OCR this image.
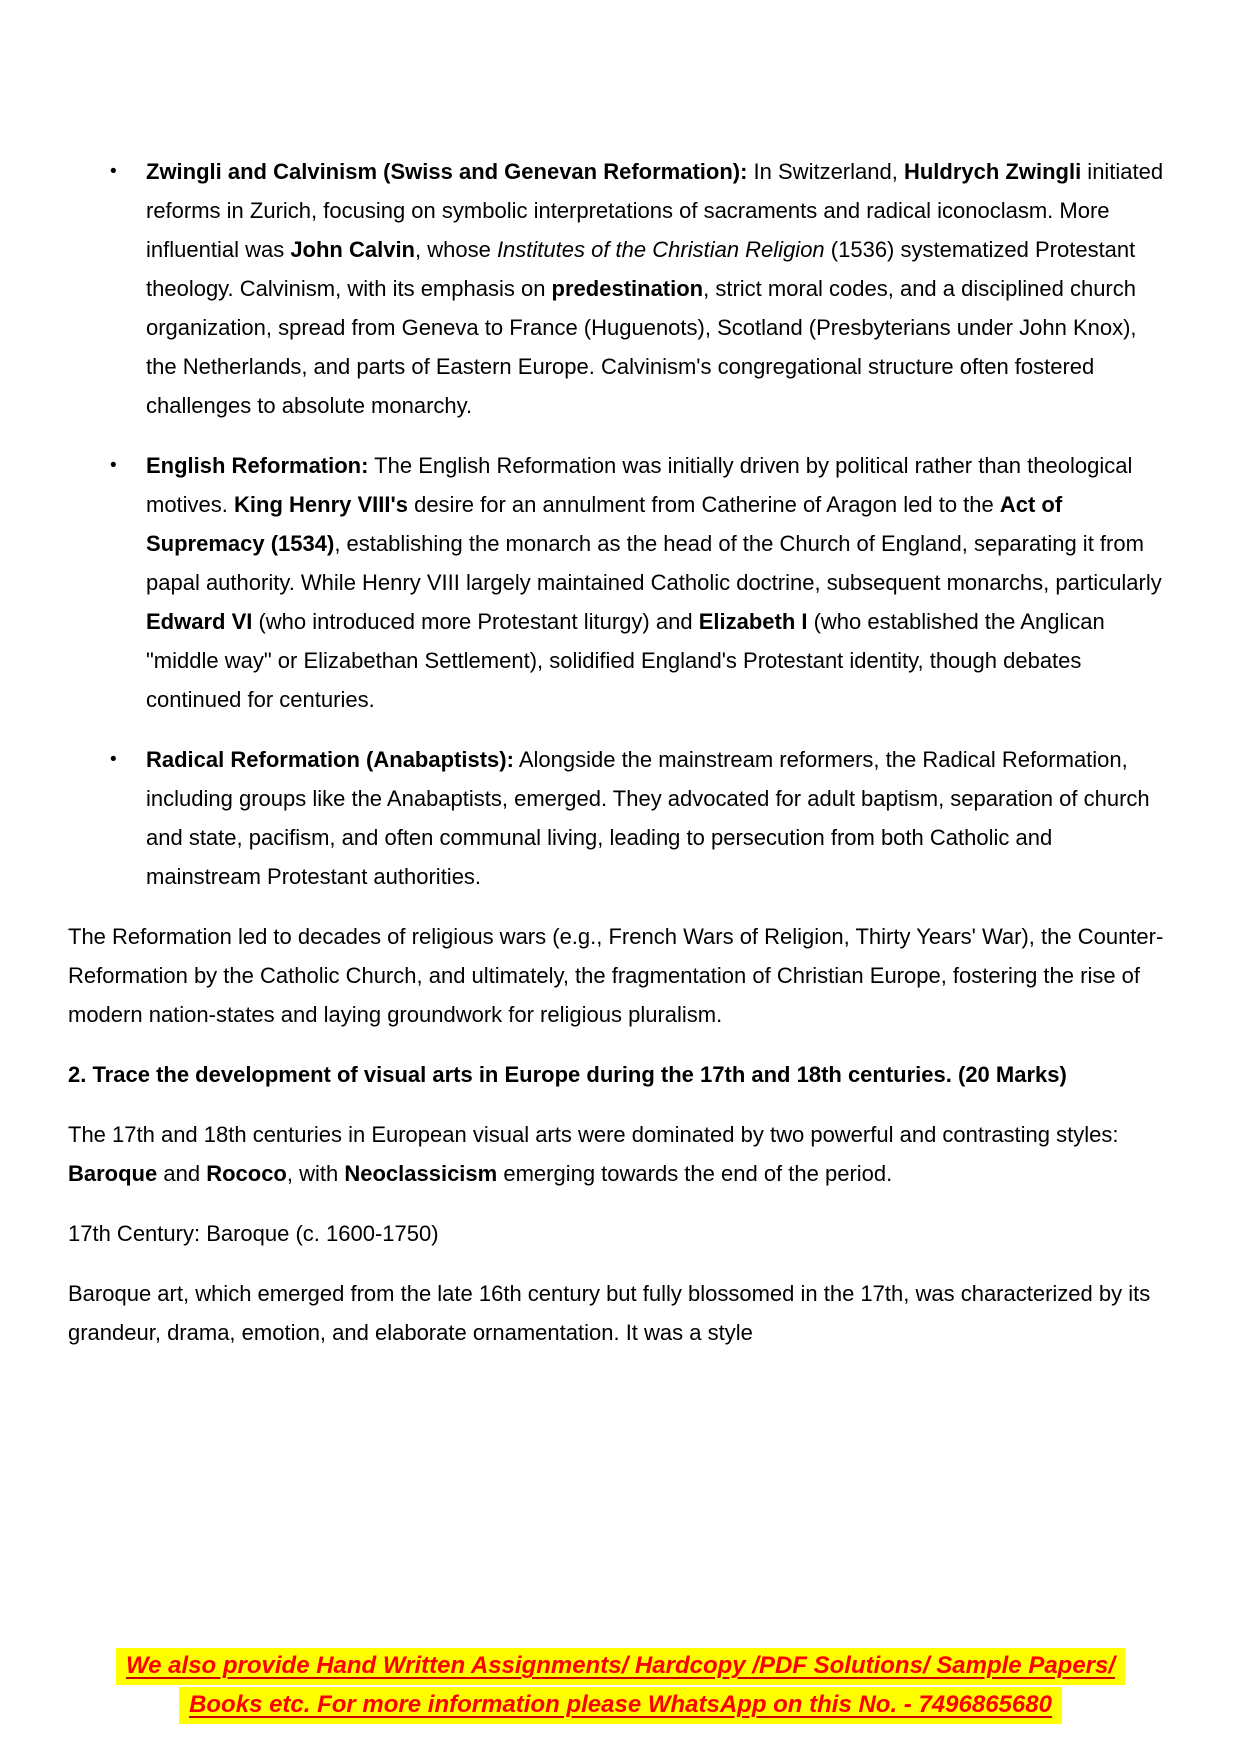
•	Zwingli and Calvinism (Swiss and Genevan Reformation): In Switzerland, Huldrych Zwingli initiated reforms in Zurich, focusing on symbolic interpretations of sacraments and radical iconoclasm. More influential was John Calvin, whose Institutes of the Christian Religion (1536) systematized Protestant theology. Calvinism, with its emphasis on predestination, strict moral codes, and a disciplined church organization, spread from Geneva to France (Huguenots), Scotland (Presbyterians under John Knox), the Netherlands, and parts of Eastern Europe. Calvinism's congregational structure often fostered challenges to absolute monarchy.
•	English Reformation: The English Reformation was initially driven by political rather than theological motives. King Henry VIII's desire for an annulment from Catherine of Aragon led to the Act of Supremacy (1534), establishing the monarch as the head of the Church of England, separating it from papal authority. While Henry VIII largely maintained Catholic doctrine, subsequent monarchs, particularly Edward VI (who introduced more Protestant liturgy) and Elizabeth I (who established the Anglican "middle way" or Elizabethan Settlement), solidified England's Protestant identity, though debates continued for centuries.
•	Radical Reformation (Anabaptists): Alongside the mainstream reformers, the Radical Reformation, including groups like the Anabaptists, emerged. They advocated for adult baptism, separation of church and state, pacifism, and often communal living, leading to persecution from both Catholic and mainstream Protestant authorities.
The Reformation led to decades of religious wars (e.g., French Wars of Religion, Thirty Years' War), the Counter-Reformation by the Catholic Church, and ultimately, the fragmentation of Christian Europe, fostering the rise of modern nation-states and laying groundwork for religious pluralism.
2. Trace the development of visual arts in Europe during the 17th and 18th centuries. (20 Marks)
The 17th and 18th centuries in European visual arts were dominated by two powerful and contrasting styles: Baroque and Rococo, with Neoclassicism emerging towards the end of the period.
17th Century: Baroque (c. 1600-1750)
Baroque art, which emerged from the late 16th century but fully blossomed in the 17th, was characterized by its grandeur, drama, emotion, and elaborate ornamentation. It was a style
We also provide Hand Written Assignments/ Hardcopy /PDF Solutions/ Sample Papers/
Books etc. For more information please WhatsApp on this No. - 7496865680
